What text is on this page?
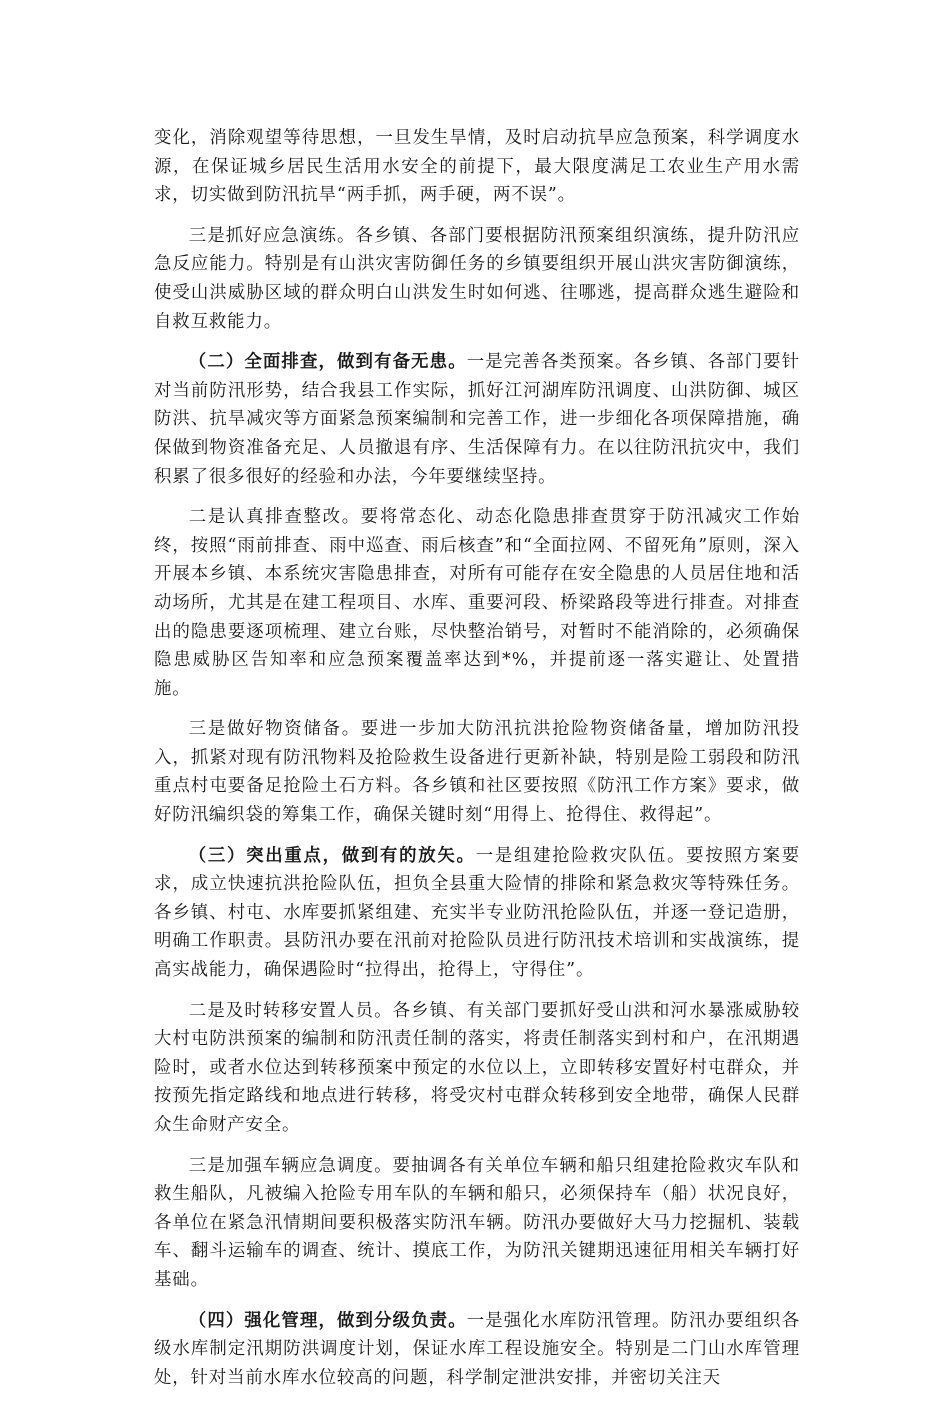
变化，消除观望等待思想，一旦发生旱情，及时启动抗旱应急预案，科学调度水源，在保证城乡居民生活用水安全的前提下，最大限度满足工农业生产用水需求，切实做到防汛抗旱“两手抓，两手硬，两不误”。

三是抓好应急演练。各乡镇、各部门要根据防汛预案组织演练，提升防汛应急反应能力。特别是有山洪灾害防御任务的乡镇要组织开展山洪灾害防御演练，使受山洪威胁区域的群众明白山洪发生时如何逃、往哪逃，提高群众逃生避险和自救互救能力。

（二）全面排查，做到有备无患。一是完善各类预案。各乡镇、各部门要针对当前防汛形势，结合我县工作实际，抓好江河湖库防汛调度、山洪防御、城区防洪、抗旱减灾等方面紧急预案编制和完善工作，进一步细化各项保障措施，确保做到物资准备充足、人员撤退有序、生活保障有力。在以往防汛抗灾中，我们积累了很多很好的经验和办法，今年要继续坚持。

二是认真排查整改。要将常态化、动态化隐患排查贯穿于防汛减灾工作始终，按照“雨前排查、雨中巡查、雨后核查”和“全面拉网、不留死角”原则，深入开展本乡镇、本系统灾害隐患排查，对所有可能存在安全隐患的人员居住地和活动场所，尤其是在建工程项目、水库、重要河段、桥梁路段等进行排查。对排查出的隐患要逐项梳理、建立台账，尽快整治销号，对暂时不能消除的，必须确保隐患威胁区告知率和应急预案覆盖率达到*%，并提前逐一落实避让、处置措施。

三是做好物资储备。要进一步加大防汛抗洪抢险物资储备量，增加防汛投入，抓紧对现有防汛物料及抢险救生设备进行更新补缺，特别是险工弱段和防汛重点村屯要备足抢险土石方料。各乡镇和社区要按照《防汛工作方案》要求，做好防汛编织袋的筹集工作，确保关键时刻“用得上、抢得住、救得起”。

（三）突出重点，做到有的放矢。一是组建抢险救灾队伍。要按照方案要求，成立快速抗洪抢险队伍，担负全县重大险情的排除和紧急救灾等特殊任务。各乡镇、村屯、水库要抓紧组建、充实半专业防汛抢险队伍，并逐一登记造册，明确工作职责。县防汛办要在汛前对抢险队员进行防汛技术培训和实战演练，提高实战能力，确保遇险时“拉得出，抢得上，守得住”。

二是及时转移安置人员。各乡镇、有关部门要抓好受山洪和河水暴涨威胁较大村屯防洪预案的编制和防汛责任制的落实，将责任制落实到村和户，在汛期遇险时，或者水位达到转移预案中预定的水位以上，立即转移安置好村屯群众，并按预先指定路线和地点进行转移，将受灾村屯群众转移到安全地带，确保人民群众生命财产安全。

三是加强车辆应急调度。要抽调各有关单位车辆和船只组建抢险救灾车队和救生船队，凡被编入抢险专用车队的车辆和船只，必须保持车（船）状况良好，各单位在紧急汛情期间要积极落实防汛车辆。防汛办要做好大马力挖掘机、装载车、翻斗运输车的调查、统计、摸底工作，为防汛关键期迅速征用相关车辆打好基础。

（四）强化管理，做到分级负责。一是强化水库防汛管理。防汛办要组织各级水库制定汛期防洪调度计划，保证水库工程设施安全。特别是二门山水库管理处，针对当前水库水位较高的问题，科学制定泄洪安排，并密切关注天
